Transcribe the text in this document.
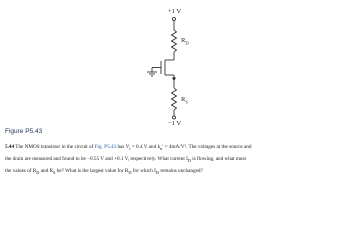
+1 V
$R_D$
$R_S$
−1 V
Figure P5.43
5.44 The NMOS transistor in the circuit of Fig. P5.43 has $V_t = 0.4$ V and $k_n' = 4mA/V^2$. The voltages at the source and
the drain are measured and found to be −0.55 V and +0.1 V, respectively. What current $I_D$ is flowing, and what must
the values of $R_D$ and $R_S$ be? What is the largest value for $R_D$ for which $I_D$ remains unchanged?
